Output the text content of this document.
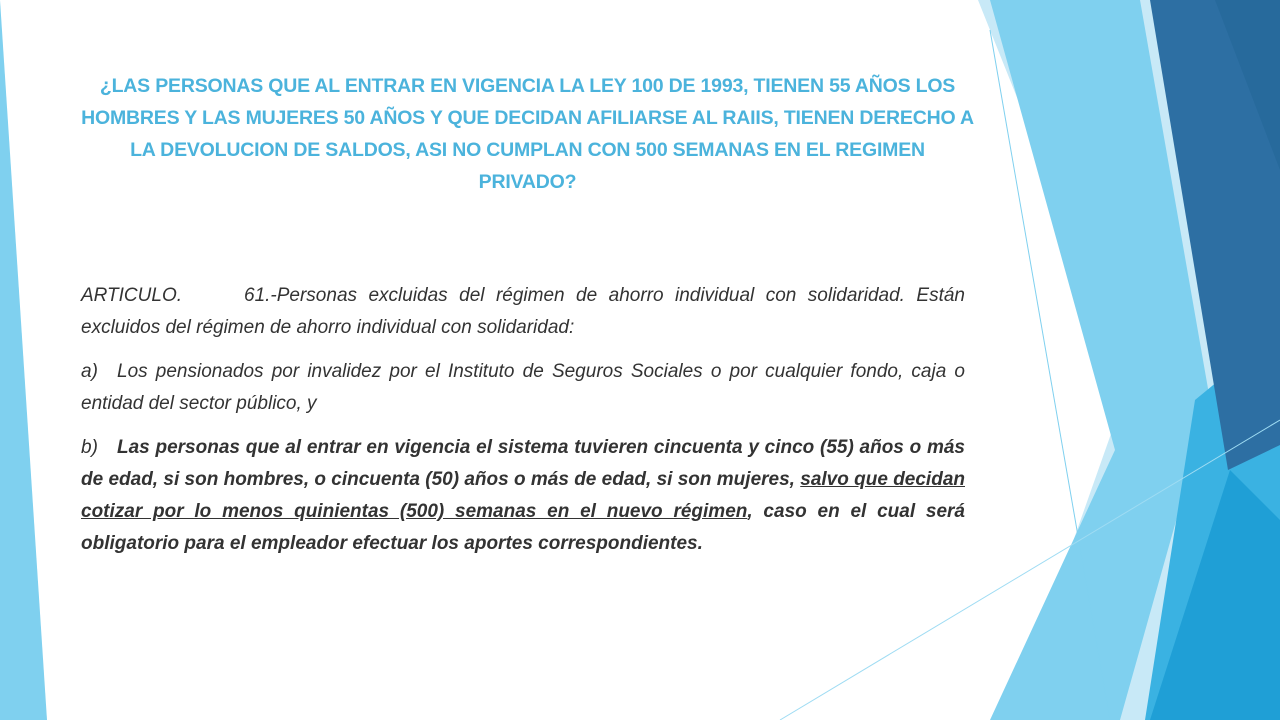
¿LAS PERSONAS QUE AL ENTRAR EN VIGENCIA LA LEY 100 DE 1993, TIENEN 55 AÑOS LOS HOMBRES Y LAS MUJERES 50 AÑOS Y QUE DECIDAN AFILIARSE AL RAIIS, TIENEN DERECHO A LA DEVOLUCION DE SALDOS, ASI NO CUMPLAN CON 500 SEMANAS EN EL REGIMEN PRIVADO?

ARTICULO.	61.-Personas excluidas del régimen de ahorro individual con solidaridad. Están excluidos del régimen de ahorro individual con solidaridad:

a) Los pensionados por invalidez por el Instituto de Seguros Sociales o por cualquier fondo, caja o entidad del sector público, y

b) Las personas que al entrar en vigencia el sistema tuvieren cincuenta y cinco (55) años o más de edad, si son hombres, o cincuenta (50) años o más de edad, si son mujeres, salvo que decidan cotizar por lo menos quinientas (500) semanas en el nuevo régimen, caso en el cual será obligatorio para el empleador efectuar los aportes correspondientes.
